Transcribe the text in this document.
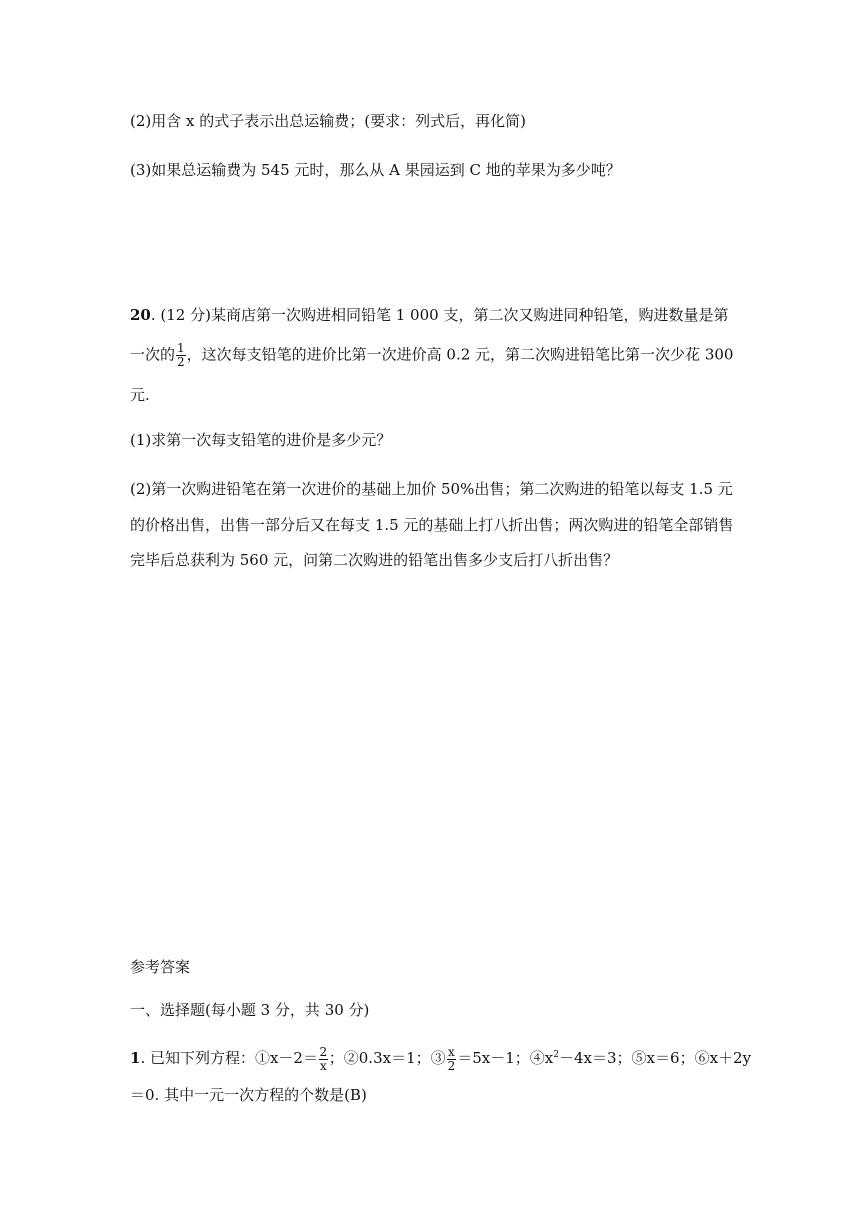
(2)用含 x 的式子表示出总运输费；(要求：列式后，再化简)
(3)如果总运输费为 545 元时，那么从 A 果园运到 C 地的苹果为多少吨？
20. (12 分)某商店第一次购进相同铅笔 1 000 支，第二次又购进同种铅笔，购进数量是第
一次的 $\frac{1}{2}$ ，这次每支铅笔的进价比第一次进价高 0.2 元，第二次购进铅笔比第一次少花 300
元.
(1)求第一次每支铅笔的进价是多少元？
(2)第一次购进铅笔在第一次进价的基础上加价 50%出售；第二次购进的铅笔以每支 1.5 元
的价格出售，出售一部分后又在每支 1.5 元的基础上打八折出售；两次购进的铅笔全部销售
完毕后总获利为 560 元，问第二次购进的铅笔出售多少支后打八折出售？
参考答案
一、选择题(每小题 3 分，共 30 分)
1. 已知下列方程：①x－2＝ $\frac{2}{x}$ ；②0.3x＝1；③ $\frac{x}{2} =5x-1$；$④x^2-4x=3$；⑤x＝6；⑥x＋2y
＝0. 其中一元一次方程的个数是(B)
